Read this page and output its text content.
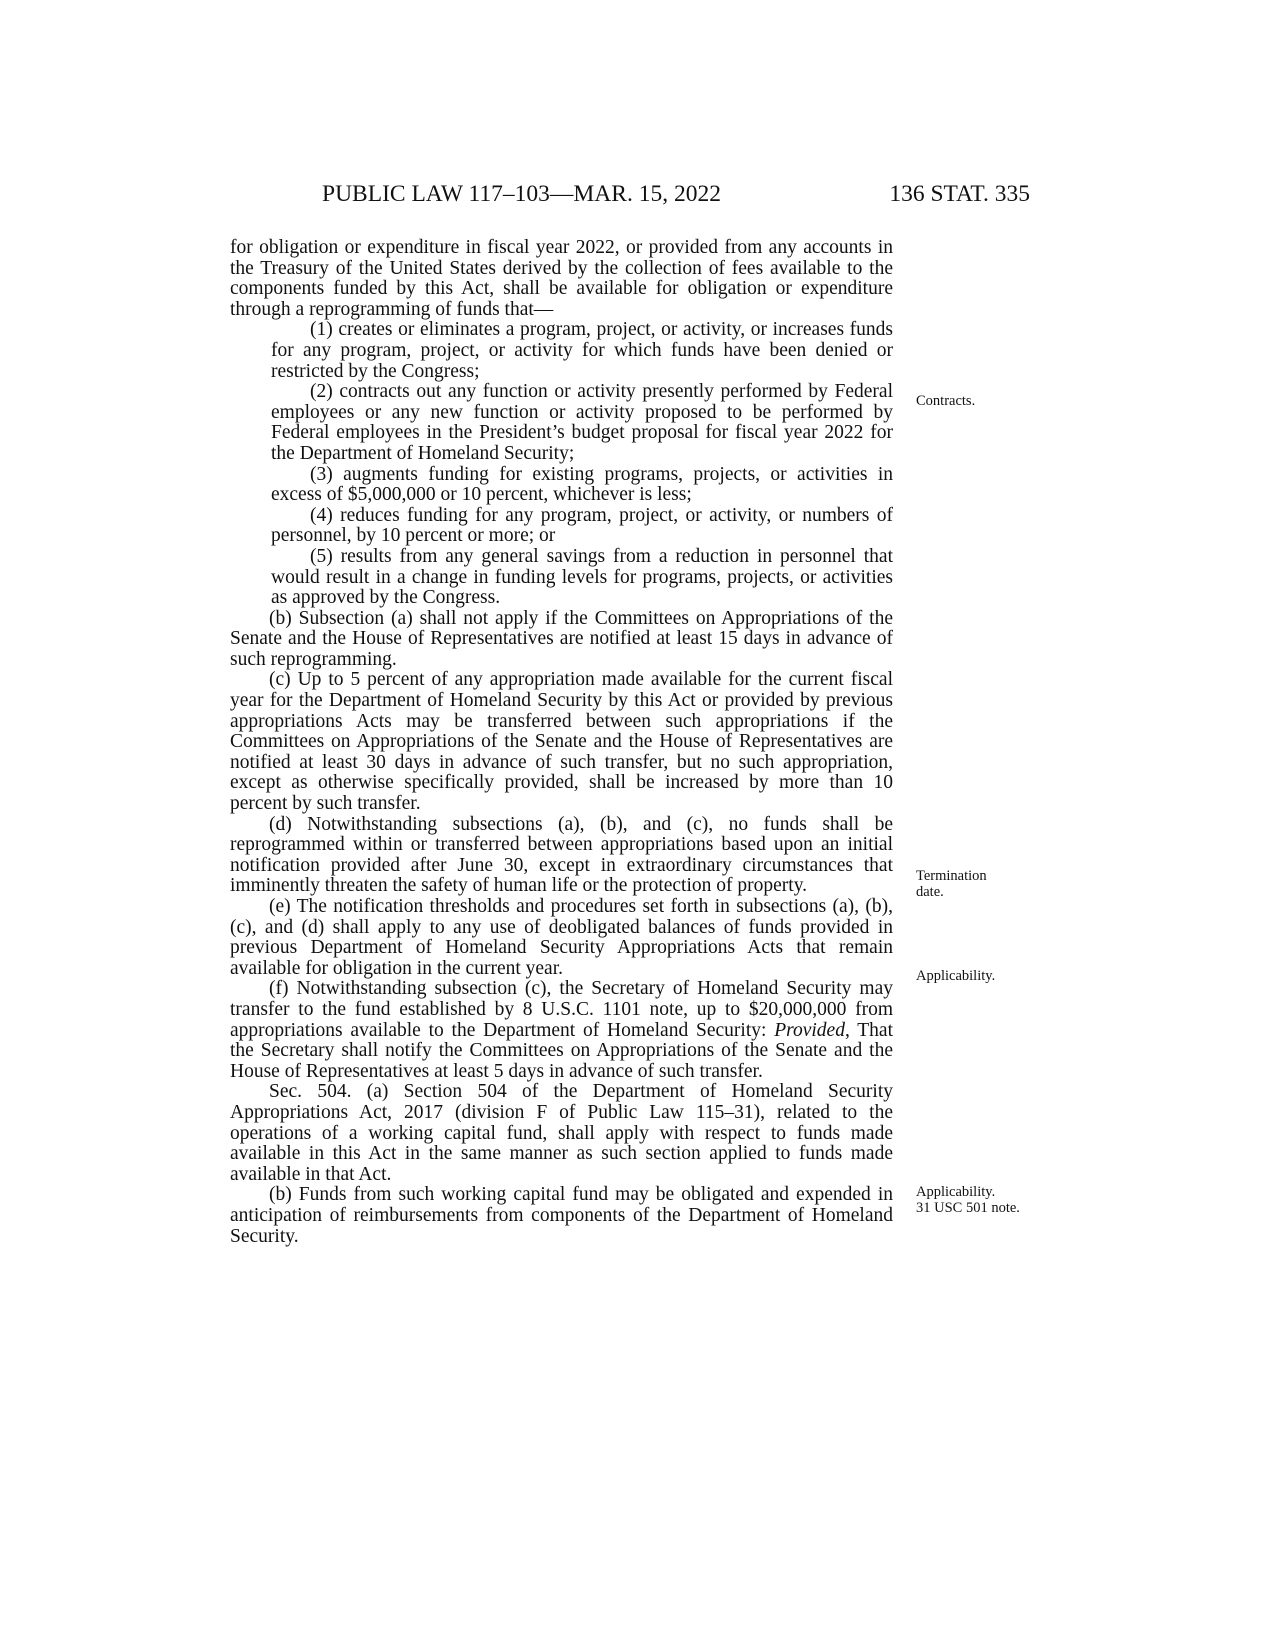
PUBLIC LAW 117–103—MAR. 15, 2022	136 STAT. 335

for obligation or expenditure in fiscal year 2022, or provided from any accounts in the Treasury of the United States derived by the collection of fees available to the components funded by this Act, shall be available for obligation or expenditure through a reprogramming of funds that—

(1) creates or eliminates a program, project, or activity, or increases funds for any program, project, or activity for which funds have been denied or restricted by the Congress;

(2) contracts out any function or activity presently performed by Federal employees or any new function or activity proposed to be performed by Federal employees in the President’s budget proposal for fiscal year 2022 for the Department of Homeland Security;

(3) augments funding for existing programs, projects, or activities in excess of $5,000,000 or 10 percent, whichever is less;

(4) reduces funding for any program, project, or activity, or numbers of personnel, by 10 percent or more; or

(5) results from any general savings from a reduction in personnel that would result in a change in funding levels for programs, projects, or activities as approved by the Congress.

(b) Subsection (a) shall not apply if the Committees on Appropriations of the Senate and the House of Representatives are notified at least 15 days in advance of such reprogramming.

(c) Up to 5 percent of any appropriation made available for the current fiscal year for the Department of Homeland Security by this Act or provided by previous appropriations Acts may be transferred between such appropriations if the Committees on Appropriations of the Senate and the House of Representatives are notified at least 30 days in advance of such transfer, but no such appropriation, except as otherwise specifically provided, shall be increased by more than 10 percent by such transfer.

(d) Notwithstanding subsections (a), (b), and (c), no funds shall be reprogrammed within or transferred between appropriations based upon an initial notification provided after June 30, except in extraordinary circumstances that imminently threaten the safety of human life or the protection of property.

(e) The notification thresholds and procedures set forth in subsections (a), (b), (c), and (d) shall apply to any use of deobligated balances of funds provided in previous Department of Homeland Security Appropriations Acts that remain available for obligation in the current year.

(f) Notwithstanding subsection (c), the Secretary of Homeland Security may transfer to the fund established by 8 U.S.C. 1101 note, up to $20,000,000 from appropriations available to the Department of Homeland Security: Provided, That the Secretary shall notify the Committees on Appropriations of the Senate and the House of Representatives at least 5 days in advance of such transfer.

Sec. 504. (a) Section 504 of the Department of Homeland Security Appropriations Act, 2017 (division F of Public Law 115–31), related to the operations of a working capital fund, shall apply with respect to funds made available in this Act in the same manner as such section applied to funds made available in that Act.

(b) Funds from such working capital fund may be obligated and expended in anticipation of reimbursements from components of the Department of Homeland Security.

Contracts.
Termination
date.
Applicability.
Applicability.
31 USC 501 note.
